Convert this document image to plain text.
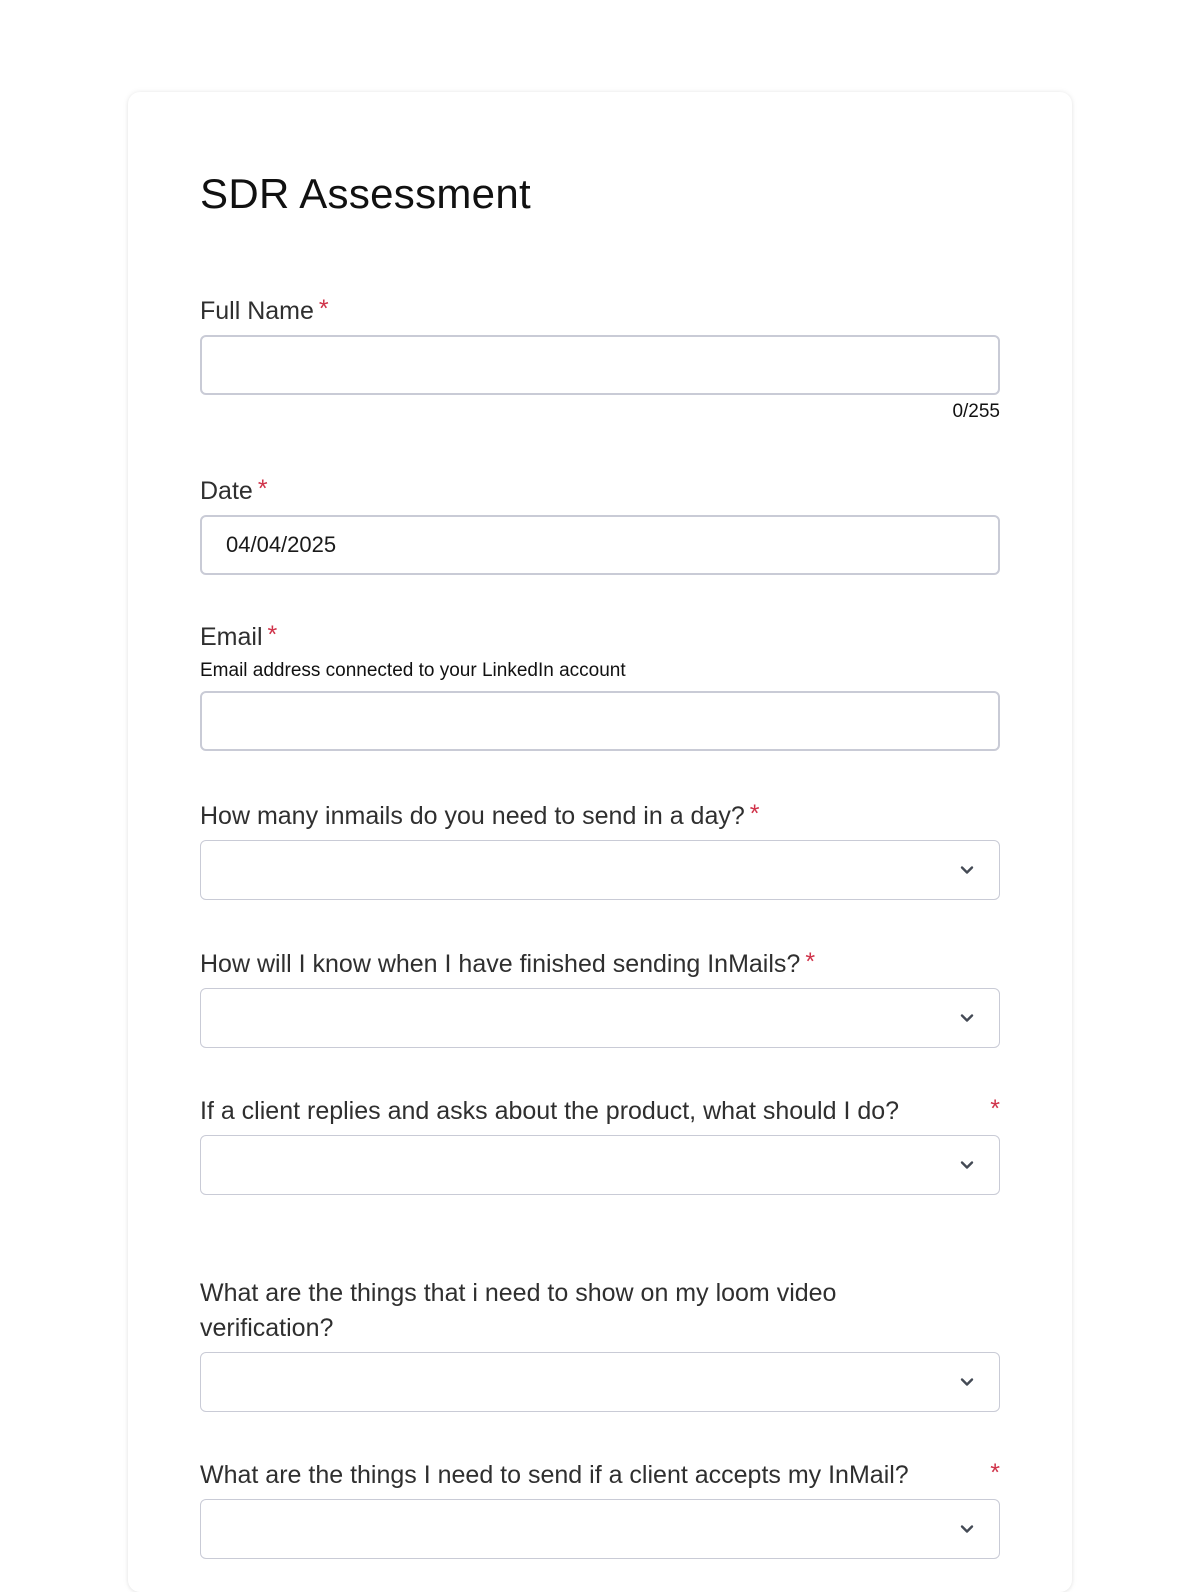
SDR Assessment
Full Name *
0/255
Date *
04/04/2025
Email *
Email address connected to your LinkedIn account
How many inmails do you need to send in a day? *
How will I know when I have finished sending InMails? *
If a client replies and asks about the product, what should I do?	*
What are the things that i need to show on my loom video verification?
What are the things I need to send if a client accepts my InMail?	*
